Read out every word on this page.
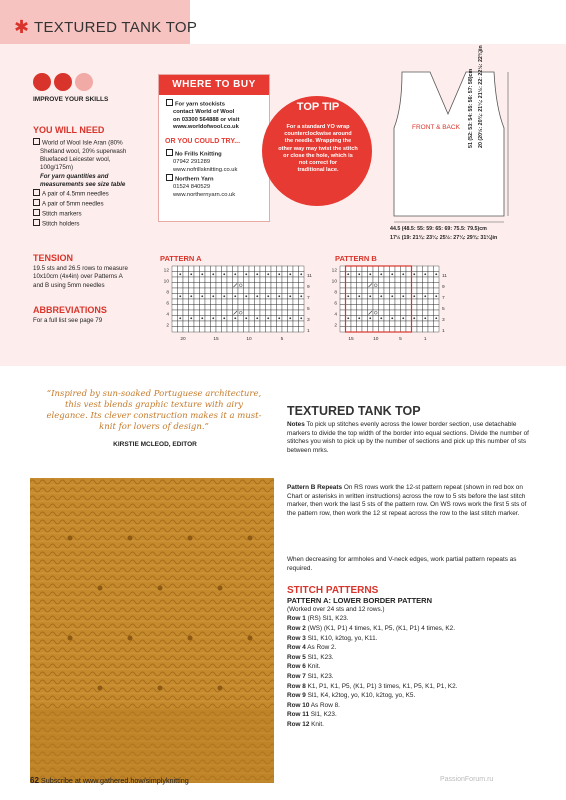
✱ TEXTURED TANK TOP
IMPROVE YOUR SKILLS
YOU WILL NEED
World of Wool Isle Aran (80%
Shetland wool, 20% superwash
Bluefaced Leicester wool,
100g/175m)
For yarn quantities and
measurements see size table
A pair of 4.5mm needles
A pair of 5mm needles
Stitch markers
Stitch holders
TENSION
19.5 sts and 26.5 rows to measure
10x10cm (4x4in) over Patterns A
and B using 5mm needles
ABBREVIATIONS
For a full list see page 79
WHERE TO BUY
For yarn stockists
contact World of Wool
on 03300 564888 or visit
www.worldofwool.co.uk
OR YOU COULD TRY...
No Frills Knitting
07942 291289
www.nofrillsknitting.co.uk
Northern Yarn
01524 840529
www.northernyarn.co.uk
TOP TIP
For a standard YO wrap
counterclockwise around
the needle. Wrapping the
other way may twist the stitch
or close the hole, which is
not correct for
traditional lace.
FRONT & BACK
44.5 (48.5: 55: 59: 65: 69: 75.5: 79.5)cm
17½ (19: 21¾: 23¼: 25½: 27¼: 29¾: 31¼)in
51 (52: 53: 54: 55: 56: 57: 58)cm 20 (20½: 20¾: 21¼: 21½: 22: 22½: 22¾)in
PATTERN A
12
10
8
6
4
2
11
9
7
5
3
1
20	15	10	5
PATTERN B
12
10
8
6
4
2
11
9
7
5
3
1
15	10	5	1
“Inspired by sun-soaked Portuguese architecture, this vest blends graphic texture with airy elegance. Its clever construction makes it a must-knit for lovers of design.”
KIRSTIE MCLEOD, EDITOR
TEXTURED TANK TOP
Notes To pick up stitches evenly across the lower border section, use detachable markers to divide the top width of the border into equal sections. Divide the number of stitches you wish to pick up by the number of sections and pick up this number of sts between mrks.
Pattern B Repeats On RS rows work the 12-st pattern repeat (shown in red box on Chart or asterisks in written instructions) across the row to 5 sts before the last stitch marker, then work the last 5 sts of the pattern row. On WS rows work the first 5 sts of the pattern row, then work the 12 st repeat across the row to the last stitch marker.
When decreasing for armholes and V-neck edges, work partial pattern repeats as required.
STITCH PATTERNS
PATTERN A: LOWER BORDER PATTERN
(Worked over 24 sts and 12 rows.)
Row 1 (RS) Sl1, K23.
Row 2 (WS) (K1, P1) 4 times, K1, P5, (K1, P1) 4 times, K2.
Row 3 Sl1, K10, k2tog, yo, K11.
Row 4 As Row 2.
Row 5 Sl1, K23.
Row 6 Knit.
Row 7 Sl1, K23.
Row 8 K1, P1, K1, P5, (K1, P1) 3 times, K1, P5, K1, P1, K2.
Row 9 Sl1, K4, k2tog, yo, K10, k2tog, yo, K5.
Row 10 As Row 8.
Row 11 Sl1, K23.
Row 12 Knit.
62 Subscribe at www.gathered.how/simplyknitting	PassionForum.ru
